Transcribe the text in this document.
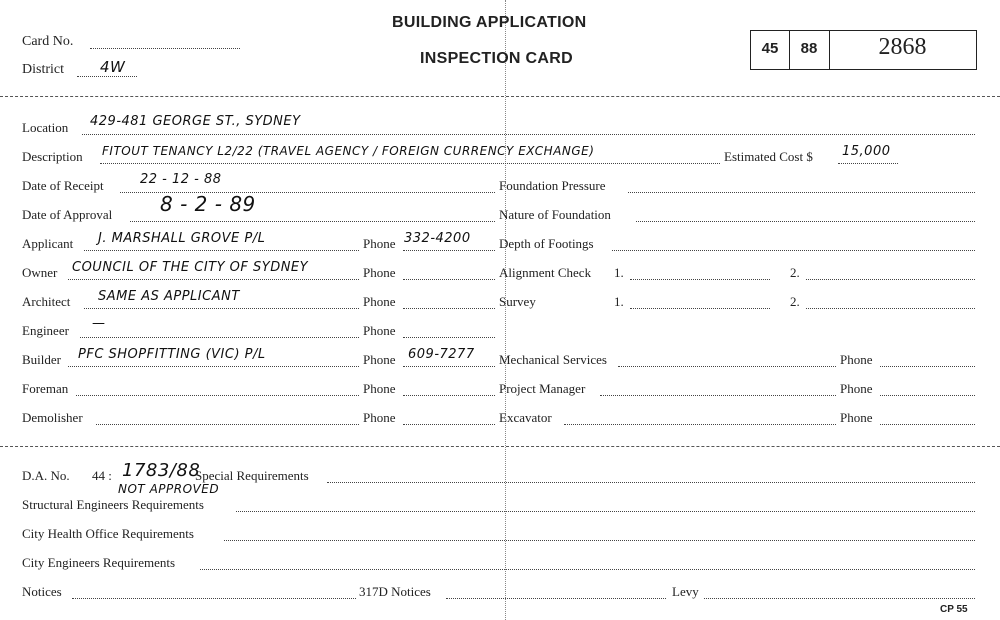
Card No.
District 4W
BUILDING APPLICATION
INSPECTION CARD
45	88	2868
Location 429-481 GEORGE ST., SYDNEY
Description FITOUT TENANCY L2/22 (TRAVEL AGENCY / FOREIGN CURRENCY EXCHANGE)	Estimated Cost $ 15,000
Date of Receipt	22 - 12 - 88	Foundation Pressure
Date of Approval 8 - 2 - 89	Nature of Foundation
Applicant J. MARSHALL GROVE P/L	Phone 332-4200 Depth of Footings
Owner COUNCIL OF THE CITY OF SYDNEY	Phone	Alignment Check 1.	2.
Architect SAME AS APPLICANT	Phone	Survey	1.	2.
Engineer —	Phone
Builder PFC SHOPFITTING (VIC) P/L	Phone 609-7277 Mechanical Services	Phone
Foreman	Phone	Project Manager	Phone
Demolisher	Phone	Excavator	Phone
D.A. No. 44 : 1783/88
NOT APPROVED
Special Requirements
Structural Engineers Requirements
City Health Office Requirements
City Engineers Requirements
Notices	317D Notices	Levy
CP 55
